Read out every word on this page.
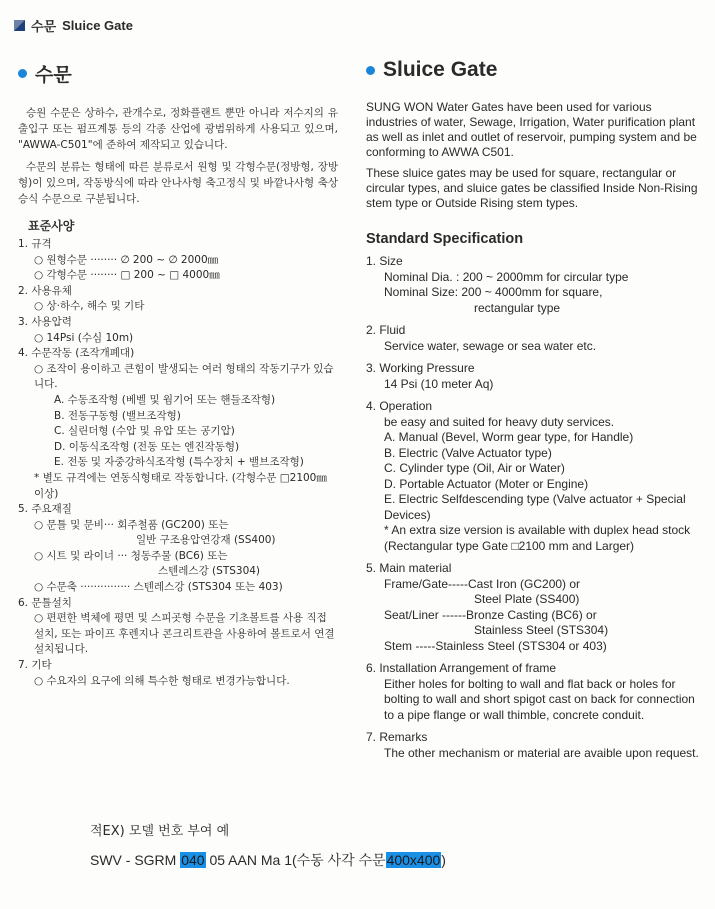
수문 Sluice Gate
수문

승원 수문은 상하수, 관개수로, 정화플랜트 뿐만 아니라 저수지의 유출입구 또는 펌프계통 등의 각종 산업에 광범위하게 사용되고 있으며, "AWWA-C501"에 준하여 제작되고 있습니다.

수문의 분류는 형태에 따른 분류로서 원형 및 각형수문(정방형, 장방형)이 있으며, 작동방식에 따라 안나사형 축고정식 및 바깥나사형 축상승식 수문으로 구분됩니다.

표준사양
1. 규격
○ 원형수문 ········ ∅ 200 ~ ∅ 2000㎜
○ 각형수문 ········ □ 200 ~ □ 4000㎜
2. 사용유체
○ 상·하수, 해수 및 기타
3. 사용압력
○ 14Psi (수심 10m)
4. 수문작동 (조작개폐대)
○ 조작이 용이하고 큰힘이 발생되는 여러 형태의 작동기구가 있습니다.
A. 수동조작형 (베벨 및 웜기어 또는 핸들조작형)
B. 전동구동형 (밸브조작형)
C. 실린더형 (수압 및 유압 또는 공기압)
D. 이동식조작형 (전동 또는 엔진작동형)
E. 전동 및 자중강하식조작형 (특수장치 + 밸브조작형)
* 별도 규격에는 연동식형태로 작동합니다. (각형수문 □2100㎜ 이상)
5. 주요재질
○ 문틀 및 문비··· 회주철품 (GC200) 또는
일반 구조용압연강재 (SS400)
○ 시트 및 라이너 ··· 청동주물 (BC6) 또는
스텐레스강 (STS304)
○ 수문축 ··············· 스텐레스강 (STS304 또는 403)
6. 문틀설치
○ 편편한 벽체에 평면 및 스피곳형 수문을 기초볼트를 사용 직접 설치, 또는 파이프 후렌지나 콘크리트관을 사용하여 볼트로서 연결 설치됩니다.
7. 기타
○ 수요자의 요구에 의해 특수한 형태로 변경가능합니다.
Sluice Gate

SUNG WON Water Gates have been used for various industries of water, Sewage, Irrigation, Water purification plant as well as inlet and outlet of reservoir, pumping system and be conforming to AWWA C501.

These sluice gates may be used for square, rectangular or circular types, and sluice gates be classified Inside Non-Rising stem type or Outside Rising stem types.

Standard Specification
1. Size
Nominal Dia. : 200 ~ 2000mm for circular type
Nominal Size: 200 ~ 4000mm for square,
rectangular type
2. Fluid
Service water, sewage or sea water etc.
3. Working Pressure
14 Psi (10 meter Aq)
4. Operation
be easy and suited for heavy duty services.
A. Manual (Bevel, Worm gear type, for Handle)
B. Electric (Valve Actuator type)
C. Cylinder type (Oil, Air or Water)
D. Portable Actuator (Moter or Engine)
E. Electric Selfdescending type (Valve actuator + Special Devices)
* An extra size version is available with duplex head stock (Rectangular type Gate □2100 mm and Larger)
5. Main material
Frame/Gate-----Cast Iron (GC200) or
Steel Plate (SS400)
Seat/Liner ------Bronze Casting (BC6) or
Stainless Steel (STS304)
Stem -----Stainless Steel (STS304 or 403)
6. Installation Arrangement of frame
Either holes for bolting to wall and flat back or holes for bolting to wall and short spigot cast on back for connection to a pipe flange or wall thimble, concrete conduit.
7. Remarks
The other mechanism or material are avaible upon request.
적EX) 모델 번호 부여 예
SWV - SGRM 040 05 AAN Ma 1(수동 사각 수문400x400)
